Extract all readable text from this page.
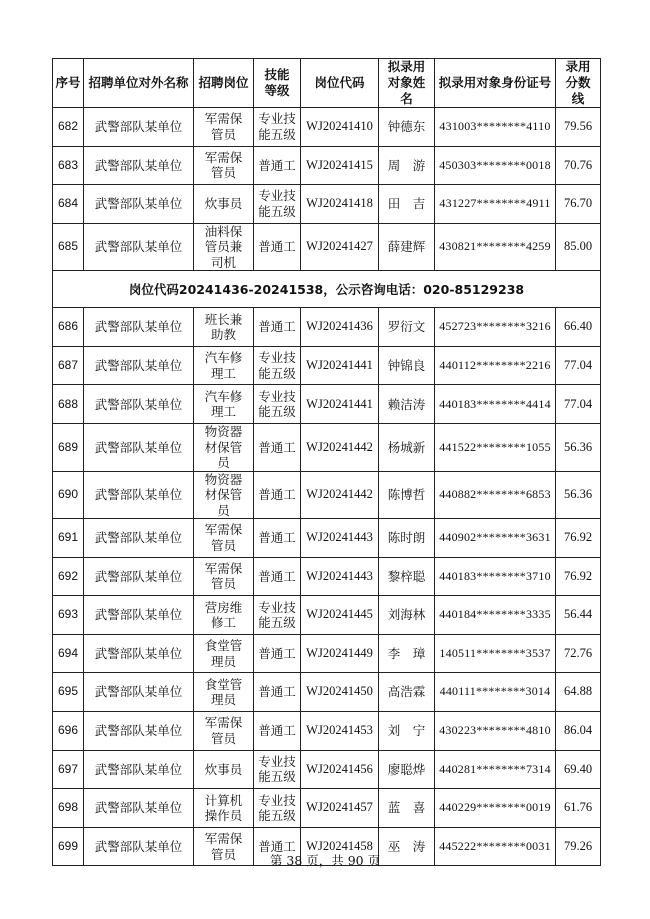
序号	招聘单位对外名称	招聘岗位	技能等级	岗位代码	拟录用对象姓名	拟录用对象身份证号	录用分数线
682	武警部队某单位	军需保管员	专业技能五级	WJ20241410	钟德东	431003********4110	79.56
683	武警部队某单位	军需保管员	普通工	WJ20241415	周　游	450303********0018	70.76
684	武警部队某单位	炊事员	专业技能五级	WJ20241418	田　吉	431227********4911	76.70
685	武警部队某单位	油料保管员兼司机	普通工	WJ20241427	薛建辉	430821********4259	85.00
岗位代码20241436-20241538，公示咨询电话：020-85129238							
686	武警部队某单位	班长兼助教	普通工	WJ20241436	罗衍文	452723********3216	66.40
687	武警部队某单位	汽车修理工	专业技能五级	WJ20241441	钟锦良	440112********2216	77.04
688	武警部队某单位	汽车修理工	专业技能五级	WJ20241441	赖洁涛	440183********4414	77.04
689	武警部队某单位	物资器材保管员	普通工	WJ20241442	杨城新	441522********1055	56.36
690	武警部队某单位	物资器材保管员	普通工	WJ20241442	陈博哲	440882********6853	56.36
691	武警部队某单位	军需保管员	普通工	WJ20241443	陈时朗	440902********3631	76.92
692	武警部队某单位	军需保管员	普通工	WJ20241443	黎梓聪	440183********3710	76.92
693	武警部队某单位	营房维修工	专业技能五级	WJ20241445	刘海林	440184********3335	56.44
694	武警部队某单位	食堂管理员	普通工	WJ20241449	李　璋	140511********3537	72.76
695	武警部队某单位	食堂管理员	普通工	WJ20241450	高浩霖	440111********3014	64.88
696	武警部队某单位	军需保管员	普通工	WJ20241453	刘　宁	430223********4810	86.04
697	武警部队某单位	炊事员	专业技能五级	WJ20241456	廖聪烨	440281********7314	69.40
698	武警部队某单位	计算机操作员	专业技能五级	WJ20241457	蓝　喜	440229********0019	61.76
699	武警部队某单位	军需保管员	普通工	WJ20241458	巫　涛	445222********0031	79.26
第 38 页，共 90 页
